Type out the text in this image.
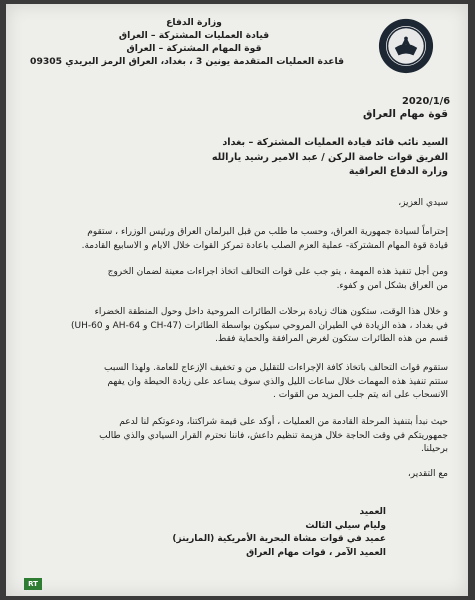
وزارة الدفاع
قيادة العمليات المشتركة – العراق
قوة المهام المشتركة – العراق
قاعدة العمليات المتقدمة يونين 3 ، بغداد، العراق الرمز البريدي 09305
2020/1/6
قوة مهام العراق
السيد نائب قائد قيادة العمليات المشتركة – بغداد
الفريق قوات خاصة الركن / عبد الامير رشيد يارالله
وزارة الدفاع العراقية
سيدي العزيز،
إحتراماً لسيادة جمهورية العراق، وحسب ما طلب من قبل البرلمان العراق ورئيس الوزراء ، ستقوم
قيادة قوة المهام المشتركة- عملية العزم الصلب باعادة تمركز القوات خلال الايام و الاسابيع القادمة.
ومن أجل تنفيذ هذه المهمة ، يتو جب على قوات التحالف اتخاذ اجراءات معينة لضمان الخروج
من العراق بشكل امن و كفوء.
و خلال هذا الوقت، ستكون هناك زيادة برحلات الطائرات المروحية داخل وحول المنطقة الخضراء
في بغداد ، هذه الزيادة في الطيران المروحي سيكون بواسطة الطائرات (CH-47 و AH-64 و UH-60)
قسم من هذه الطائرات ستكون لغرض المرافقة والحماية فقط.
ستقوم قوات التحالف باتخاذ كافة الإجراءات للتقليل من و تخفيف الإزعاج للعامة. ولهذا السبب
ستتم تنفيذ هذه المهمات خلال ساعات الليل والذي سوف يساعد على زيادة الحيطة وان يفهم
الانسحاب على انه يتم جلب المزيد من القوات .
حيث نبدأ بتنفيذ المرحلة القادمة من العمليات ، أوكد على قيمة شراكتنا، ودعوتكم لنا لدعم
جمهوريتكم في وقت الحاجة خلال هزيمة تنظيم داعش، فاننا نحترم القرار السيادي والذي طالب
برحيلنا.
مع التقدير،
العميد
وليام سيلي الثالث
عميد في قوات مشاة البحرية الأمريكية (المارينز)
العميد الآمر ، قوات مهام العراق
RT
